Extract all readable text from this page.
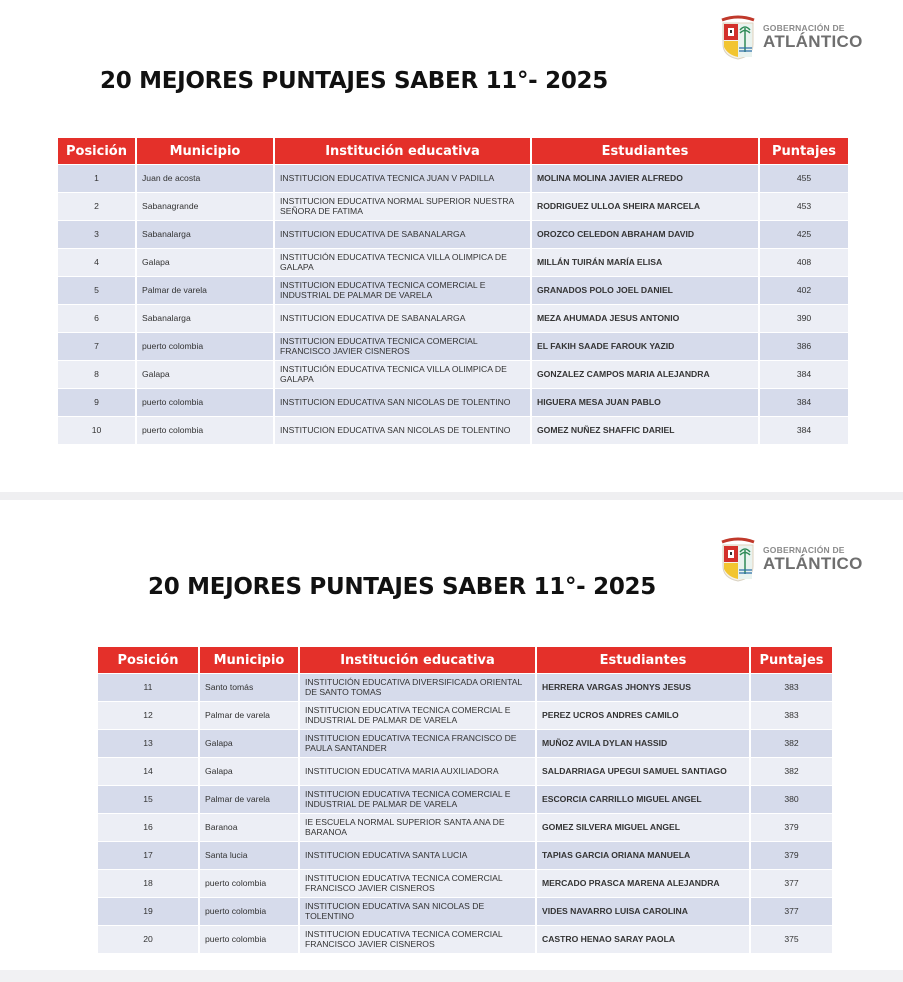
GOBERNACIÓN DE
ATLÁNTICO
20 MEJORES PUNTAJES SABER 11°- 2025
Posición	Municipio	Institución educativa	Estudiantes	Puntajes
1	Juan de acosta	INSTITUCION EDUCATIVA TECNICA JUAN V PADILLA	MOLINA MOLINA JAVIER ALFREDO	455
2	Sabanagrande	INSTITUCION EDUCATIVA NORMAL SUPERIOR NUESTRA SEÑORA DE FATIMA	RODRIGUEZ ULLOA SHEIRA MARCELA	453
3	Sabanalarga	INSTITUCION EDUCATIVA DE SABANALARGA	OROZCO CELEDON ABRAHAM DAVID	425
4	Galapa	INSTITUCIÓN EDUCATIVA TECNICA VILLA OLIMPICA DE GALAPA	MILLÁN TUIRÁN MARÍA ELISA	408
5	Palmar de varela	INSTITUCION EDUCATIVA TECNICA COMERCIAL E INDUSTRIAL DE PALMAR DE VARELA	GRANADOS POLO JOEL DANIEL	402
6	Sabanalarga	INSTITUCION EDUCATIVA DE SABANALARGA	MEZA AHUMADA JESUS ANTONIO	390
7	puerto colombia	INSTITUCION EDUCATIVA TECNICA COMERCIAL FRANCISCO JAVIER CISNEROS	EL FAKIH SAADE FAROUK YAZID	386
8	Galapa	INSTITUCIÓN EDUCATIVA TECNICA VILLA OLIMPICA DE GALAPA	GONZALEZ CAMPOS MARIA ALEJANDRA	384
9	puerto colombia	INSTITUCION EDUCATIVA SAN NICOLAS DE TOLENTINO	HIGUERA MESA JUAN PABLO	384
10	puerto colombia	INSTITUCION EDUCATIVA SAN NICOLAS DE TOLENTINO	GOMEZ NUÑEZ SHAFFIC DARIEL	384
GOBERNACIÓN DE
ATLÁNTICO
20 MEJORES PUNTAJES SABER 11°- 2025
Posición	Municipio	Institución educativa	Estudiantes	Puntajes
11	Santo tomás	INSTITUCIÓN EDUCATIVA DIVERSIFICADA ORIENTAL DE SANTO TOMAS	HERRERA VARGAS JHONYS JESUS	383
12	Palmar de varela	INSTITUCION EDUCATIVA TECNICA COMERCIAL E INDUSTRIAL DE PALMAR DE VARELA	PEREZ UCROS ANDRES CAMILO	383
13	Galapa	INSTITUCION EDUCATIVA TECNICA FRANCISCO DE PAULA SANTANDER	MUÑOZ AVILA DYLAN HASSID	382
14	Galapa	INSTITUCION EDUCATIVA MARIA AUXILIADORA	SALDARRIAGA UPEGUI SAMUEL SANTIAGO	382
15	Palmar de varela	INSTITUCION EDUCATIVA TECNICA COMERCIAL E INDUSTRIAL DE PALMAR DE VARELA	ESCORCIA CARRILLO MIGUEL ANGEL	380
16	Baranoa	IE ESCUELA NORMAL SUPERIOR SANTA ANA DE BARANOA	GOMEZ SILVERA MIGUEL ANGEL	379
17	Santa lucia	INSTITUCION EDUCATIVA SANTA LUCIA	TAPIAS GARCIA ORIANA MANUELA	379
18	puerto colombia	INSTITUCION EDUCATIVA TECNICA COMERCIAL FRANCISCO JAVIER CISNEROS	MERCADO PRASCA MARENA ALEJANDRA	377
19	puerto colombia	INSTITUCION EDUCATIVA SAN NICOLAS DE TOLENTINO	VIDES NAVARRO LUISA CAROLINA	377
20	puerto colombia	INSTITUCION EDUCATIVA TECNICA COMERCIAL FRANCISCO JAVIER CISNEROS	CASTRO HENAO SARAY PAOLA	375
